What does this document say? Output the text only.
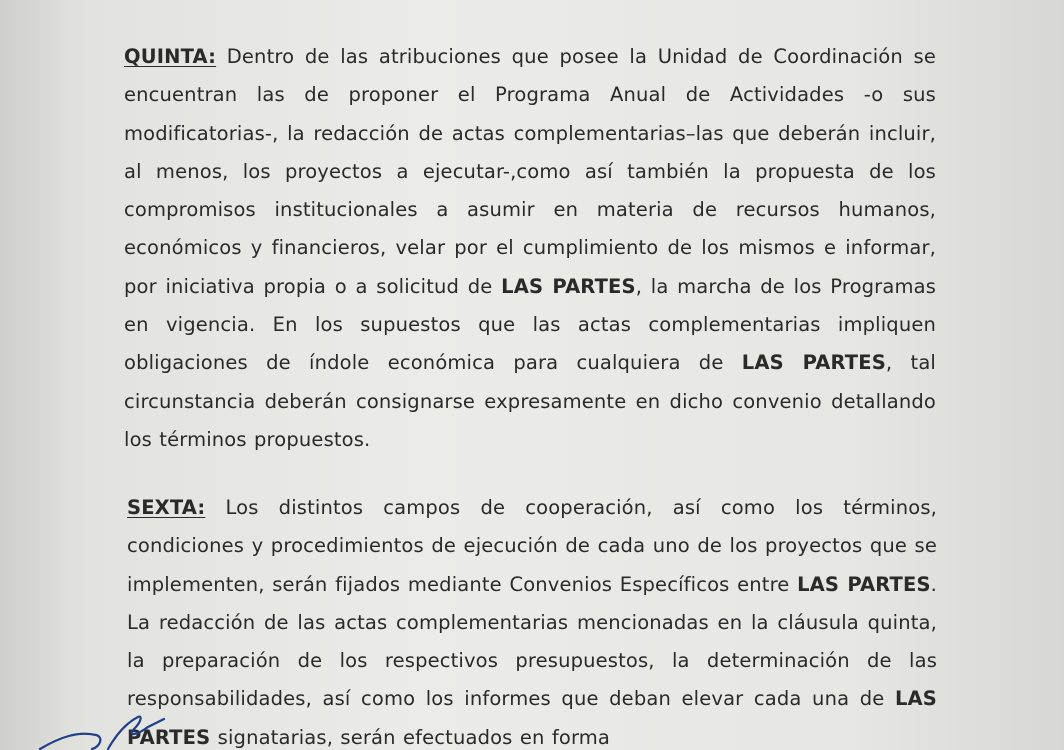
QUINTA: Dentro de las atribuciones que posee la Unidad de Coordinación se encuentran las de proponer el Programa Anual de Actividades -o sus modificatorias-, la redacción de actas complementarias–las que deberán incluir, al menos, los proyectos a ejecutar-,como así también la propuesta de los compromisos institucionales a asumir en materia de recursos humanos, económicos y financieros, velar por el cumplimiento de los mismos e informar, por iniciativa propia o a solicitud de LAS PARTES, la marcha de los Programas en vigencia. En los supuestos que las actas complementarias impliquen obligaciones de índole económica para cualquiera de LAS PARTES, tal circunstancia deberán consignarse expresamente en dicho convenio detallando los términos propuestos.
SEXTA: Los distintos campos de cooperación, así como los términos, condiciones y procedimientos de ejecución de cada uno de los proyectos que se implementen, serán fijados mediante Convenios Específicos entre LAS PARTES. La redacción de las actas complementarias mencionadas en la cláusula quinta, la preparación de los respectivos presupuestos, la determinación de las responsabilidades, así como los informes que deban elevar cada una de LAS PARTES signatarias, serán efectuados en forma
